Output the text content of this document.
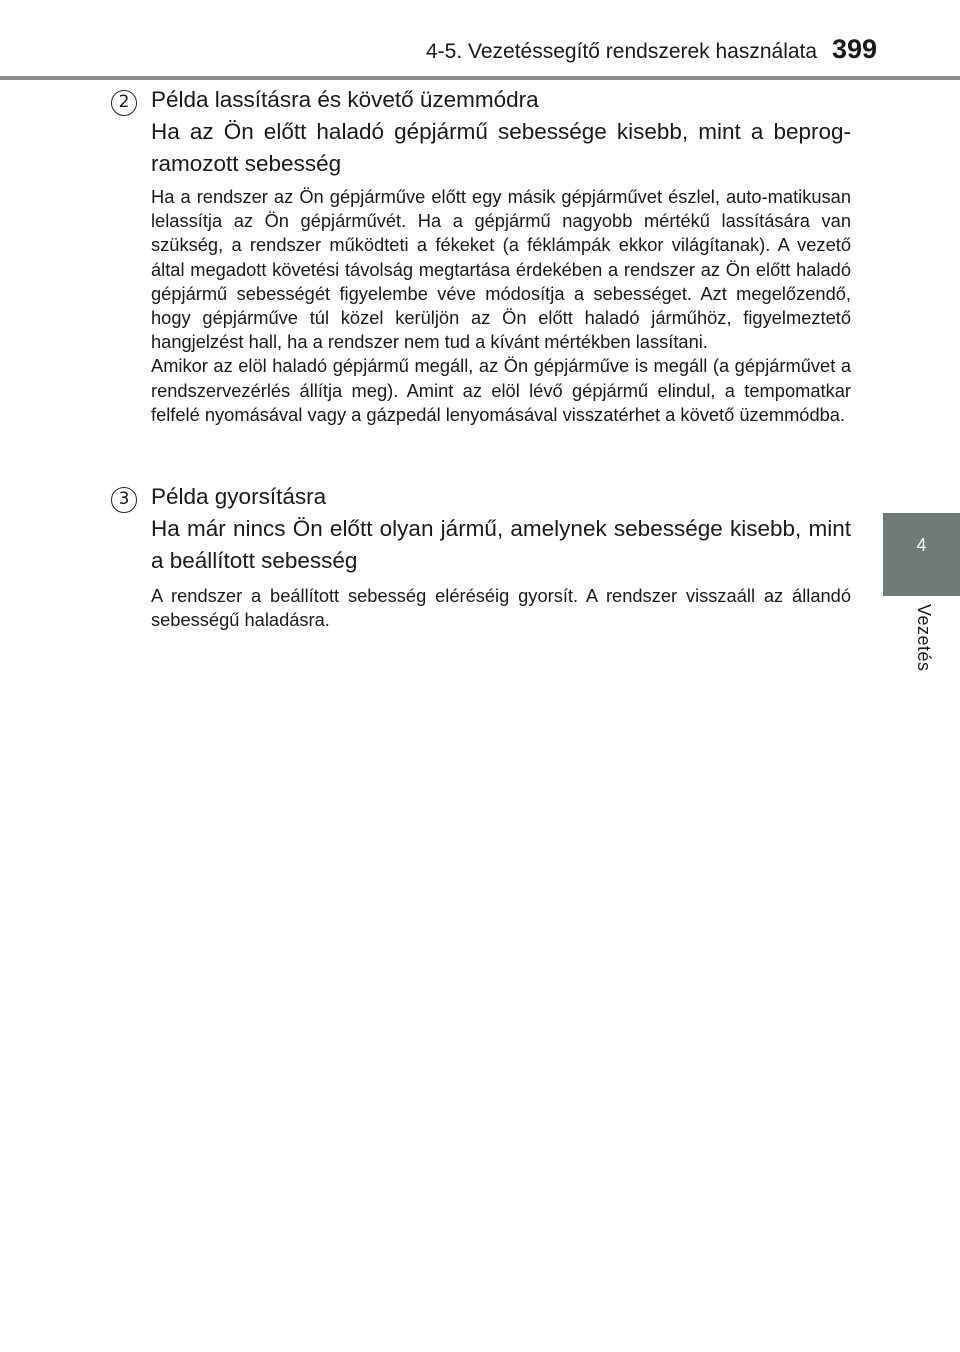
4-5. Vezetéssegítő rendszerek használata 399
4
Vezetés
2 Példa lassításra és követő üzemmódra

Ha az Ön előtt haladó gépjármű sebessége kisebb, mint a beprog-ramozott sebesség

Ha a rendszer az Ön gépjárműve előtt egy másik gépjárművet észlel, auto-matikusan lelassítja az Ön gépjárművét. Ha a gépjármű nagyobb mértékű lassítására van szükség, a rendszer működteti a fékeket (a féklámpák ekkor világítanak). A vezető által megadott követési távolság megtartása érdekében a rendszer az Ön előtt haladó gépjármű sebességét figyelembe véve módosítja a sebességet. Azt megelőzendő, hogy gépjárműve túl közel kerüljön az Ön előtt haladó járműhöz, figyelmeztető hangjelzést hall, ha a rendszer nem tud a kívánt mértékben lassítani.

Amikor az elöl haladó gépjármű megáll, az Ön gépjárműve is megáll (a gépjárművet a rendszervezérlés állítja meg). Amint az elöl lévő gépjármű elindul, a tempomatkar felfelé nyomásával vagy a gázpedál lenyomásával visszatérhet a követő üzemmódba.

3 Példa gyorsításra

Ha már nincs Ön előtt olyan jármű, amelynek sebessége kisebb, mint a beállított sebesség

A rendszer a beállított sebesség eléréséig gyorsít. A rendszer visszaáll az állandó sebességű haladásra.
